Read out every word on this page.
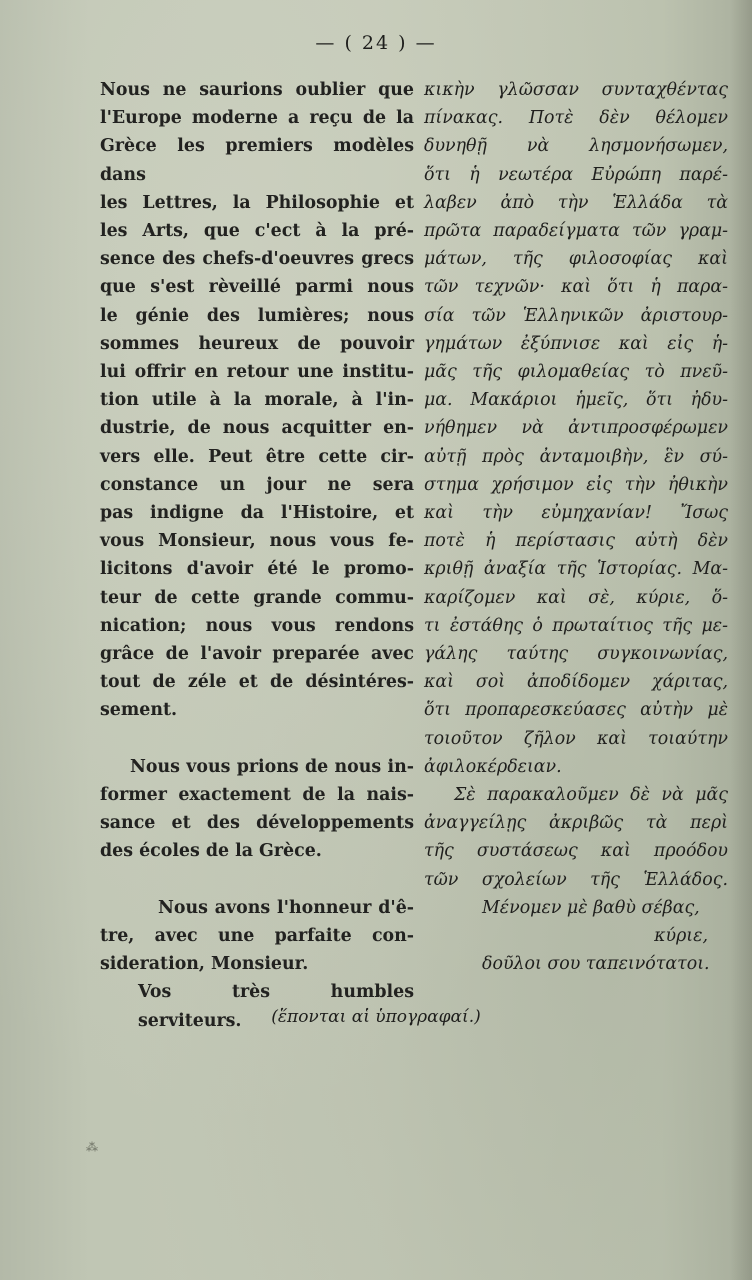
— ( 24 ) —

Nous ne saurions oublier que

l'Europe moderne a reçu de la

Grèce les premiers modèles dans

les Lettres, la Philosophie et

les Arts, que c'ect à la pré-

sence des chefs-d'oeuvres grecs

que s'est rèveillé parmi nous

le génie des lumières; nous

sommes heureux de pouvoir

lui offrir en retour une institu-

tion utile à la morale, à l'in-

dustrie, de nous acquitter en-

vers elle. Peut être cette cir-

constance un jour ne sera

pas indigne da l'Histoire, et

vous Monsieur, nous vous fe-

licitons d'avoir été le promo-

teur de cette grande commu-

nication; nous vous rendons

grâce de l'avoir preparée avec

tout de zéle et de désintéres-

sement.

Nous vous prions de nous in-

former exactement de la nais-

sance et des développements

des écoles de la Grèce.

Nous avons l'honneur d'ê-

tre, avec une parfaite con-

sideration, Monsieur.

Vos très humbles serviteurs.

κικὴν γλῶσσαν συνταχθέντας

πίνακας. Ποτὲ δὲν θέλομεν

δυνηθῇ νὰ λησμονήσωμεν,

ὅτι ἡ νεωτέρα Εὐρώπη παρέ-

λαβεν ἀπὸ τὴν Ἑλλάδα τὰ

πρῶτα παραδείγματα τῶν γραμ-

μάτων, τῆς φιλοσοφίας καὶ

τῶν τεχνῶν· καὶ ὅτι ἡ παρα-

σία τῶν Ἑλληνικῶν ἀριστουρ-

γημάτων ἐξύπνισε καὶ εἰς ἡ-

μᾶς τῆς φιλομαθείας τὸ πνεῦ-

μα. Μακάριοι ἡμεῖς, ὅτι ἠδυ-

νήθημεν νὰ ἀντιπροσφέρωμεν

αὐτῇ πρὸς ἀνταμοιβὴν, ἓν σύ-

στημα χρήσιμον εἰς τὴν ἠθικὴν

καὶ τὴν εὐμηχανίαν! Ἴσως

ποτὲ ἡ περίστασις αὐτὴ δὲν

κριθῇ ἀναξία τῆς Ἱστορίας. Μα-

καρίζομεν καὶ σὲ, κύριε, ὅ-

τι ἐστάθης ὁ πρωταίτιος τῆς με-

γάλης ταύτης συγκοινωνίας,

καὶ σοὶ ἀποδίδομεν χάριτας,

ὅτι προπαρεσκεύασες αὐτὴν μὲ

τοιοῦτον ζῆλον καὶ τοιαύτην

ἀφιλοκέρδειαν.

Σὲ παρακαλοῦμεν δὲ νὰ μᾶς

ἀναγγείλῃς ἀκριβῶς τὰ περὶ

τῆς συστάσεως καὶ προόδου

τῶν σχολείων τῆς Ἑλλάδος.

Μένομεν μὲ βαθὺ σέβας,

κύριε,

δοῦλοι σου ταπεινότατοι.

(ἕπονται αἱ ὑπογραφαί.)
⁂
